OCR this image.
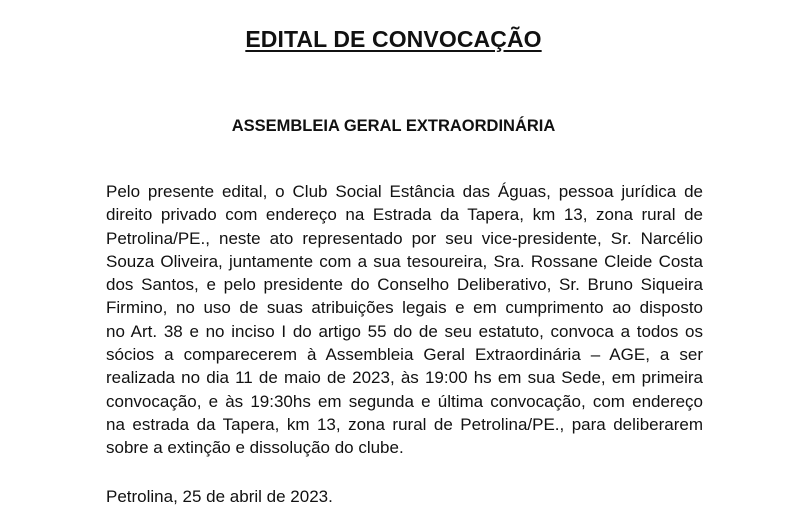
EDITAL DE CONVOCAÇÃO
ASSEMBLEIA GERAL EXTRAORDINÁRIA
Pelo presente edital, o Club Social Estância das Águas, pessoa jurídica de
direito privado com endereço na Estrada da Tapera, km 13, zona rural de
Petrolina/PE., neste ato representado por seu vice-presidente, Sr. Narcélio
Souza Oliveira, juntamente com a sua tesoureira, Sra. Rossane Cleide Costa
dos Santos, e pelo presidente do Conselho Deliberativo, Sr. Bruno Siqueira
Firmino, no uso de suas atribuições legais e em cumprimento ao disposto
no Art. 38 e no inciso I do artigo 55 do de seu estatuto, convoca a todos os
sócios a comparecerem à Assembleia Geral Extraordinária – AGE, a ser
realizada no dia 11 de maio de 2023, às 19:00 hs em sua Sede, em primeira
convocação, e às 19:30hs em segunda e última convocação, com endereço
na estrada da Tapera, km 13, zona rural de Petrolina/PE., para deliberarem
sobre a extinção e dissolução do clube.
Petrolina, 25 de abril de 2023.
